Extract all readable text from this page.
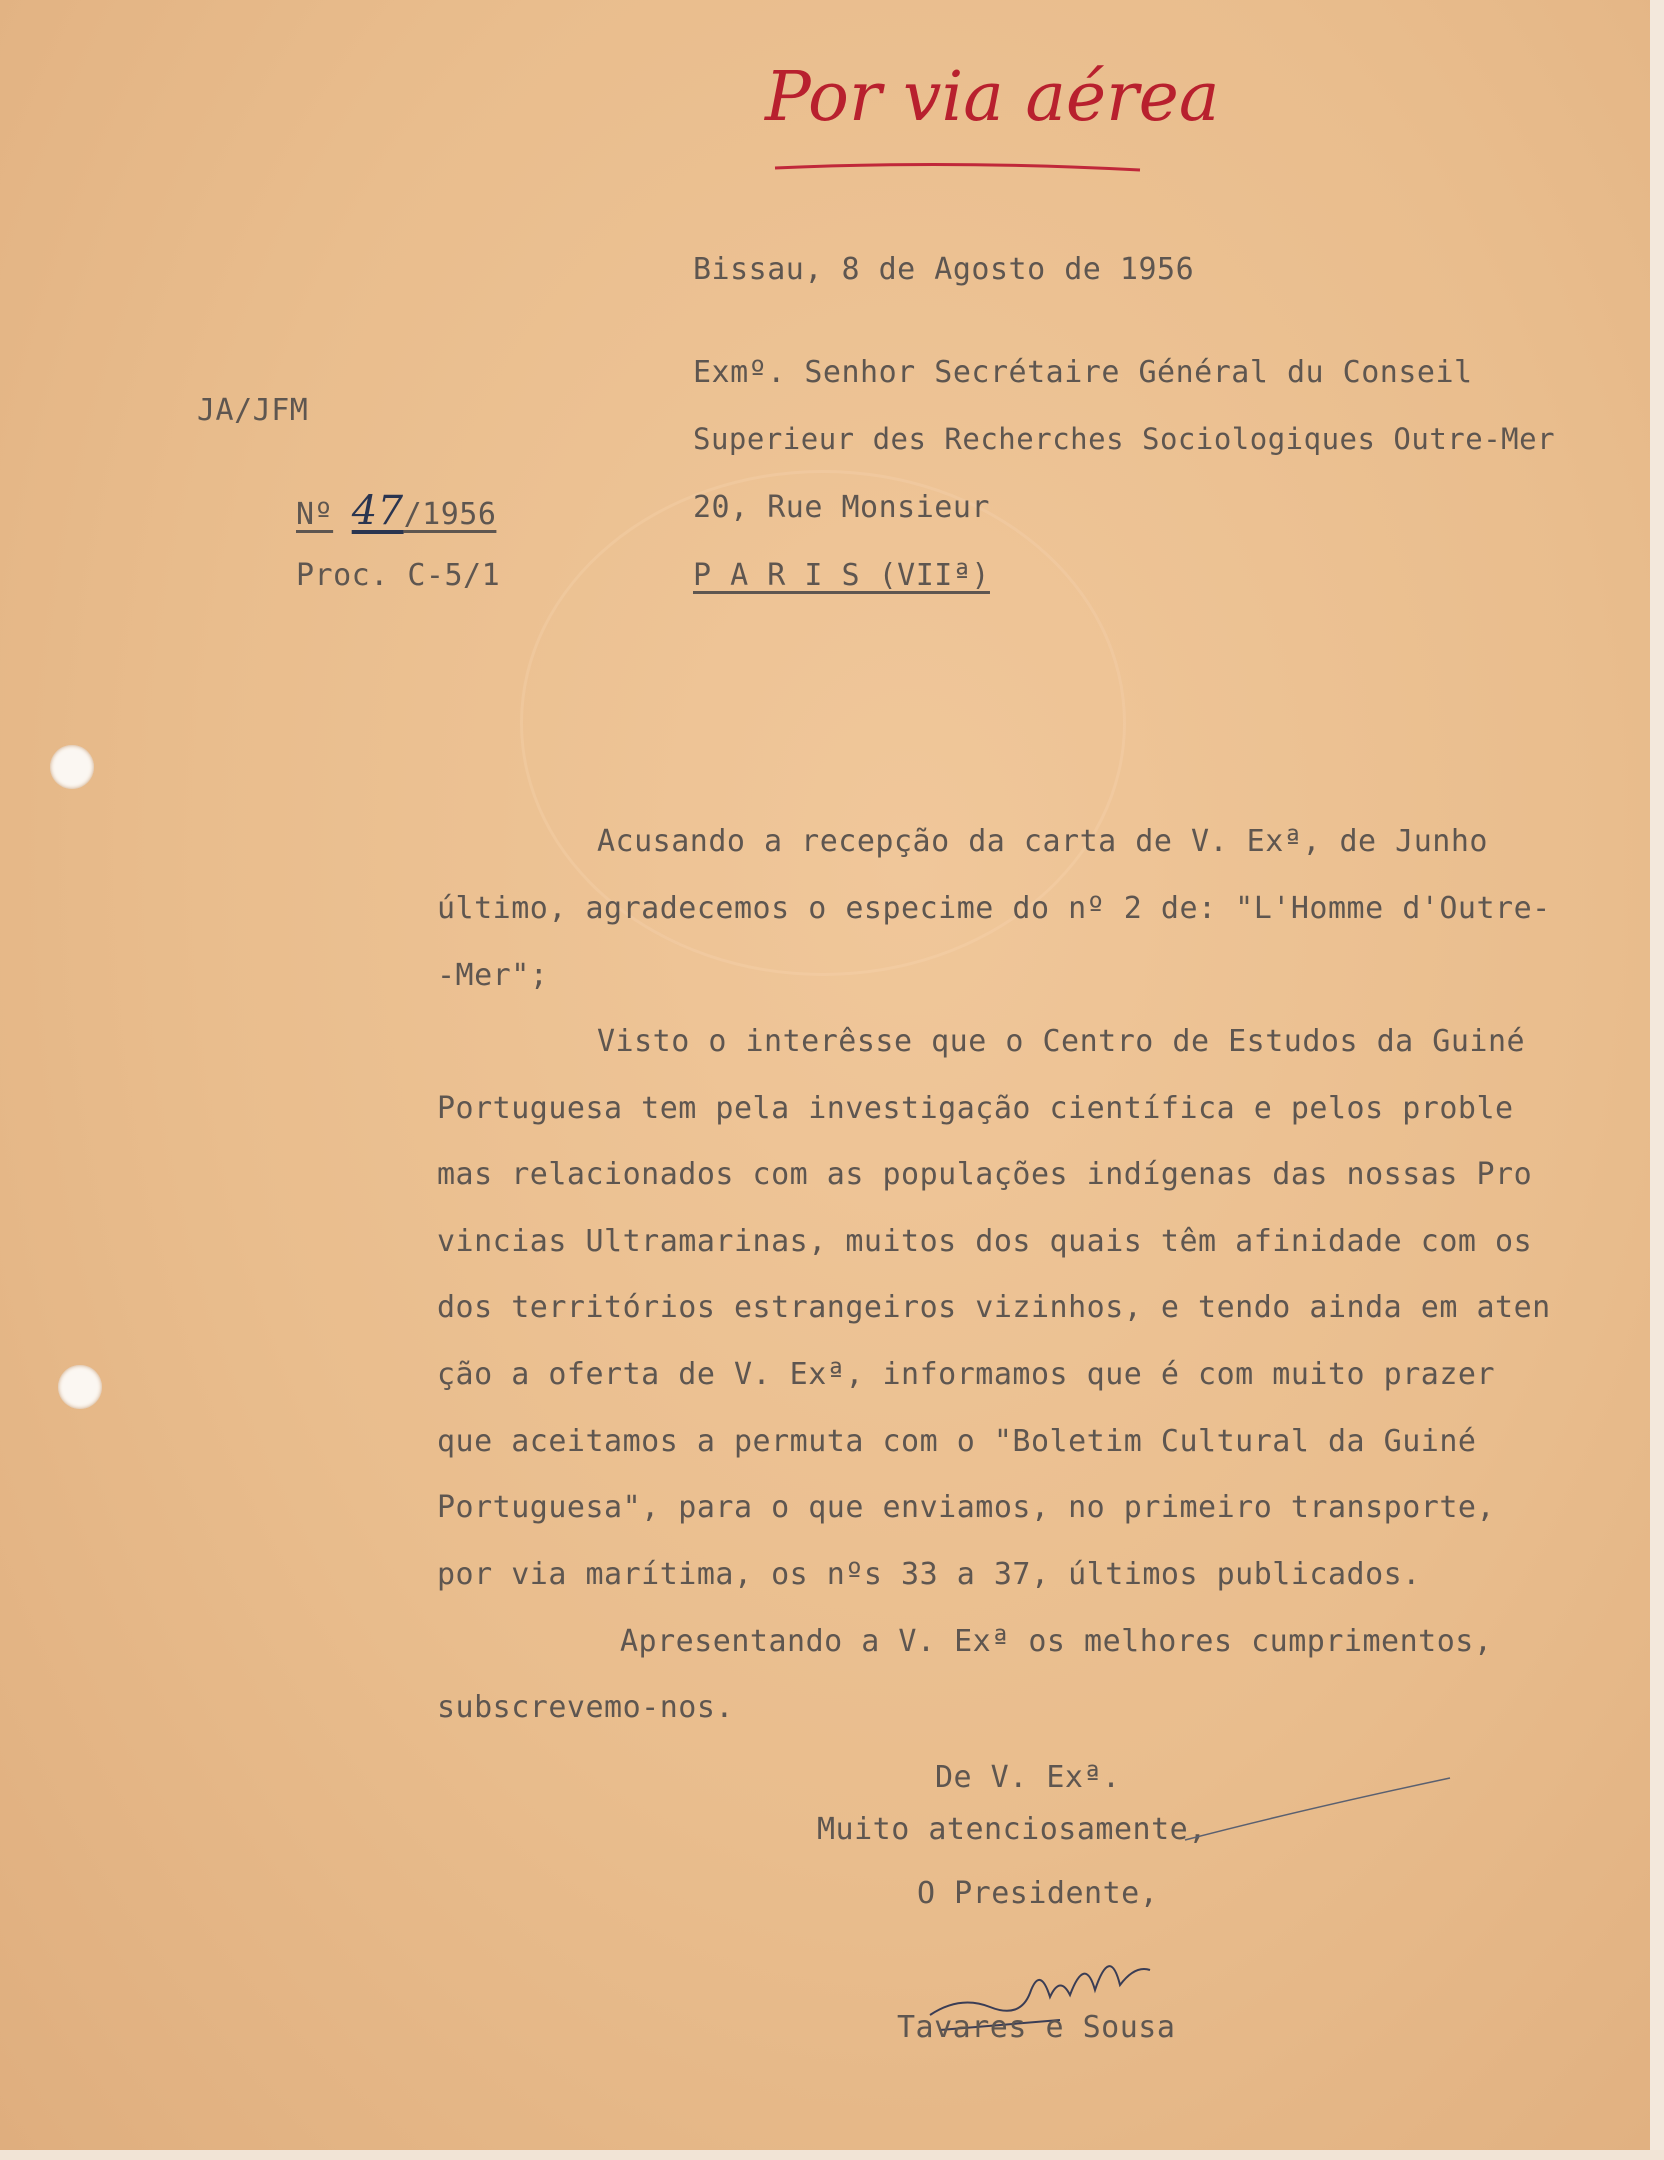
Por via aérea
Bissau, 8 de Agosto de 1956
JA/JFM
Nº 47/1956
Proc. C-5/1
Exmº. Senhor Secrétaire Général du Conseil
Superieur des Recherches Sociologiques Outre-Mer
20, Rue Monsieur
P A R I S (VIIª)
Acusando a recepção da carta de V. Exª, de Junho
último, agradecemos o especime do nº 2 de: "L'Homme d'Outre-
-Mer";
Visto o interêsse que o Centro de Estudos da Guiné
Portuguesa tem pela investigação científica e pelos proble
mas relacionados com as populações indígenas das nossas Pro
vincias Ultramarinas, muitos dos quais têm afinidade com os
dos territórios estrangeiros vizinhos, e tendo ainda em aten
ção a oferta de V. Exª, informamos que é com muito prazer
que aceitamos a permuta com o "Boletim Cultural da Guiné
Portuguesa", para o que enviamos, no primeiro transporte,
por via marítima, os nºs 33 a 37, últimos publicados.
Apresentando a V. Exª os melhores cumprimentos,
subscrevemo-nos.
De V. Exª.
Muito atenciosamente,
O Presidente,
Tavares e Sousa
